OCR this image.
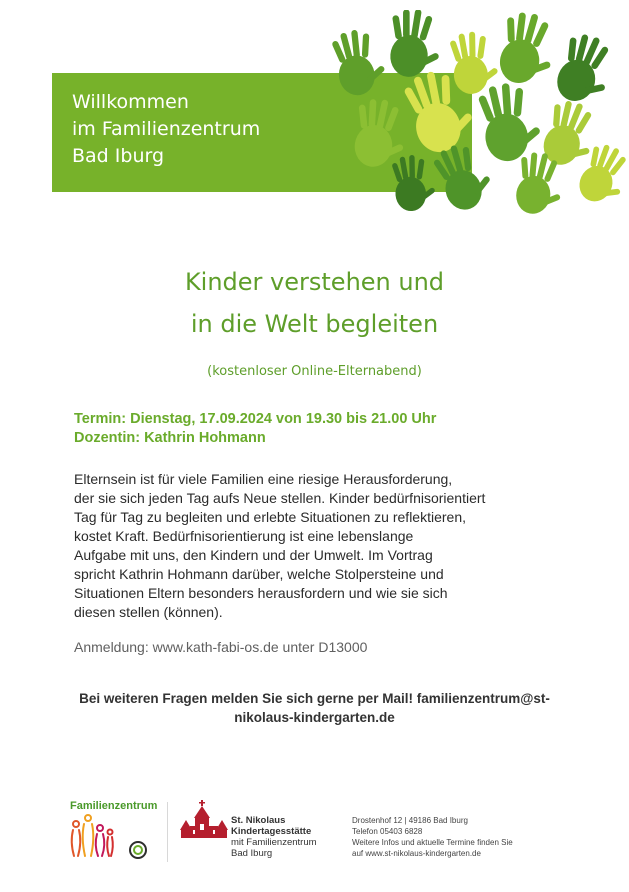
Willkommen
im Familienzentrum
Bad Iburg
Kinder verstehen und
in die Welt begleiten
(kostenloser Online-Elternabend)
Termin: Dienstag, 17.09.2024 von 19.30 bis 21.00 Uhr
Dozentin: Kathrin Hohmann
Elternsein ist für viele Familien eine riesige Herausforderung,
der sie sich jeden Tag aufs Neue stellen. Kinder bedürfnisorientiert
Tag für Tag zu begleiten und erlebte Situationen zu reflektieren,
kostet Kraft. Bedürfnisorientierung ist eine lebenslange
Aufgabe mit uns, den Kindern und der Umwelt. Im Vortrag
spricht Kathrin Hohmann darüber, welche Stolpersteine und
Situationen Eltern besonders herausfordern und wie sie sich
diesen stellen (können).
Anmeldung: www.kath-fabi-os.de unter D13000
Bei weiteren Fragen melden Sie sich gerne per Mail! familienzentrum@st-
nikolaus-kindergarten.de
Familienzentrum
St. Nikolaus
Kindertagesstätte
mit Familienzentrum
Bad Iburg
Drostenhof 12 | 49186 Bad Iburg
Telefon 05403 6828
Weitere Infos und aktuelle Termine finden Sie
auf www.st-nikolaus-kindergarten.de
